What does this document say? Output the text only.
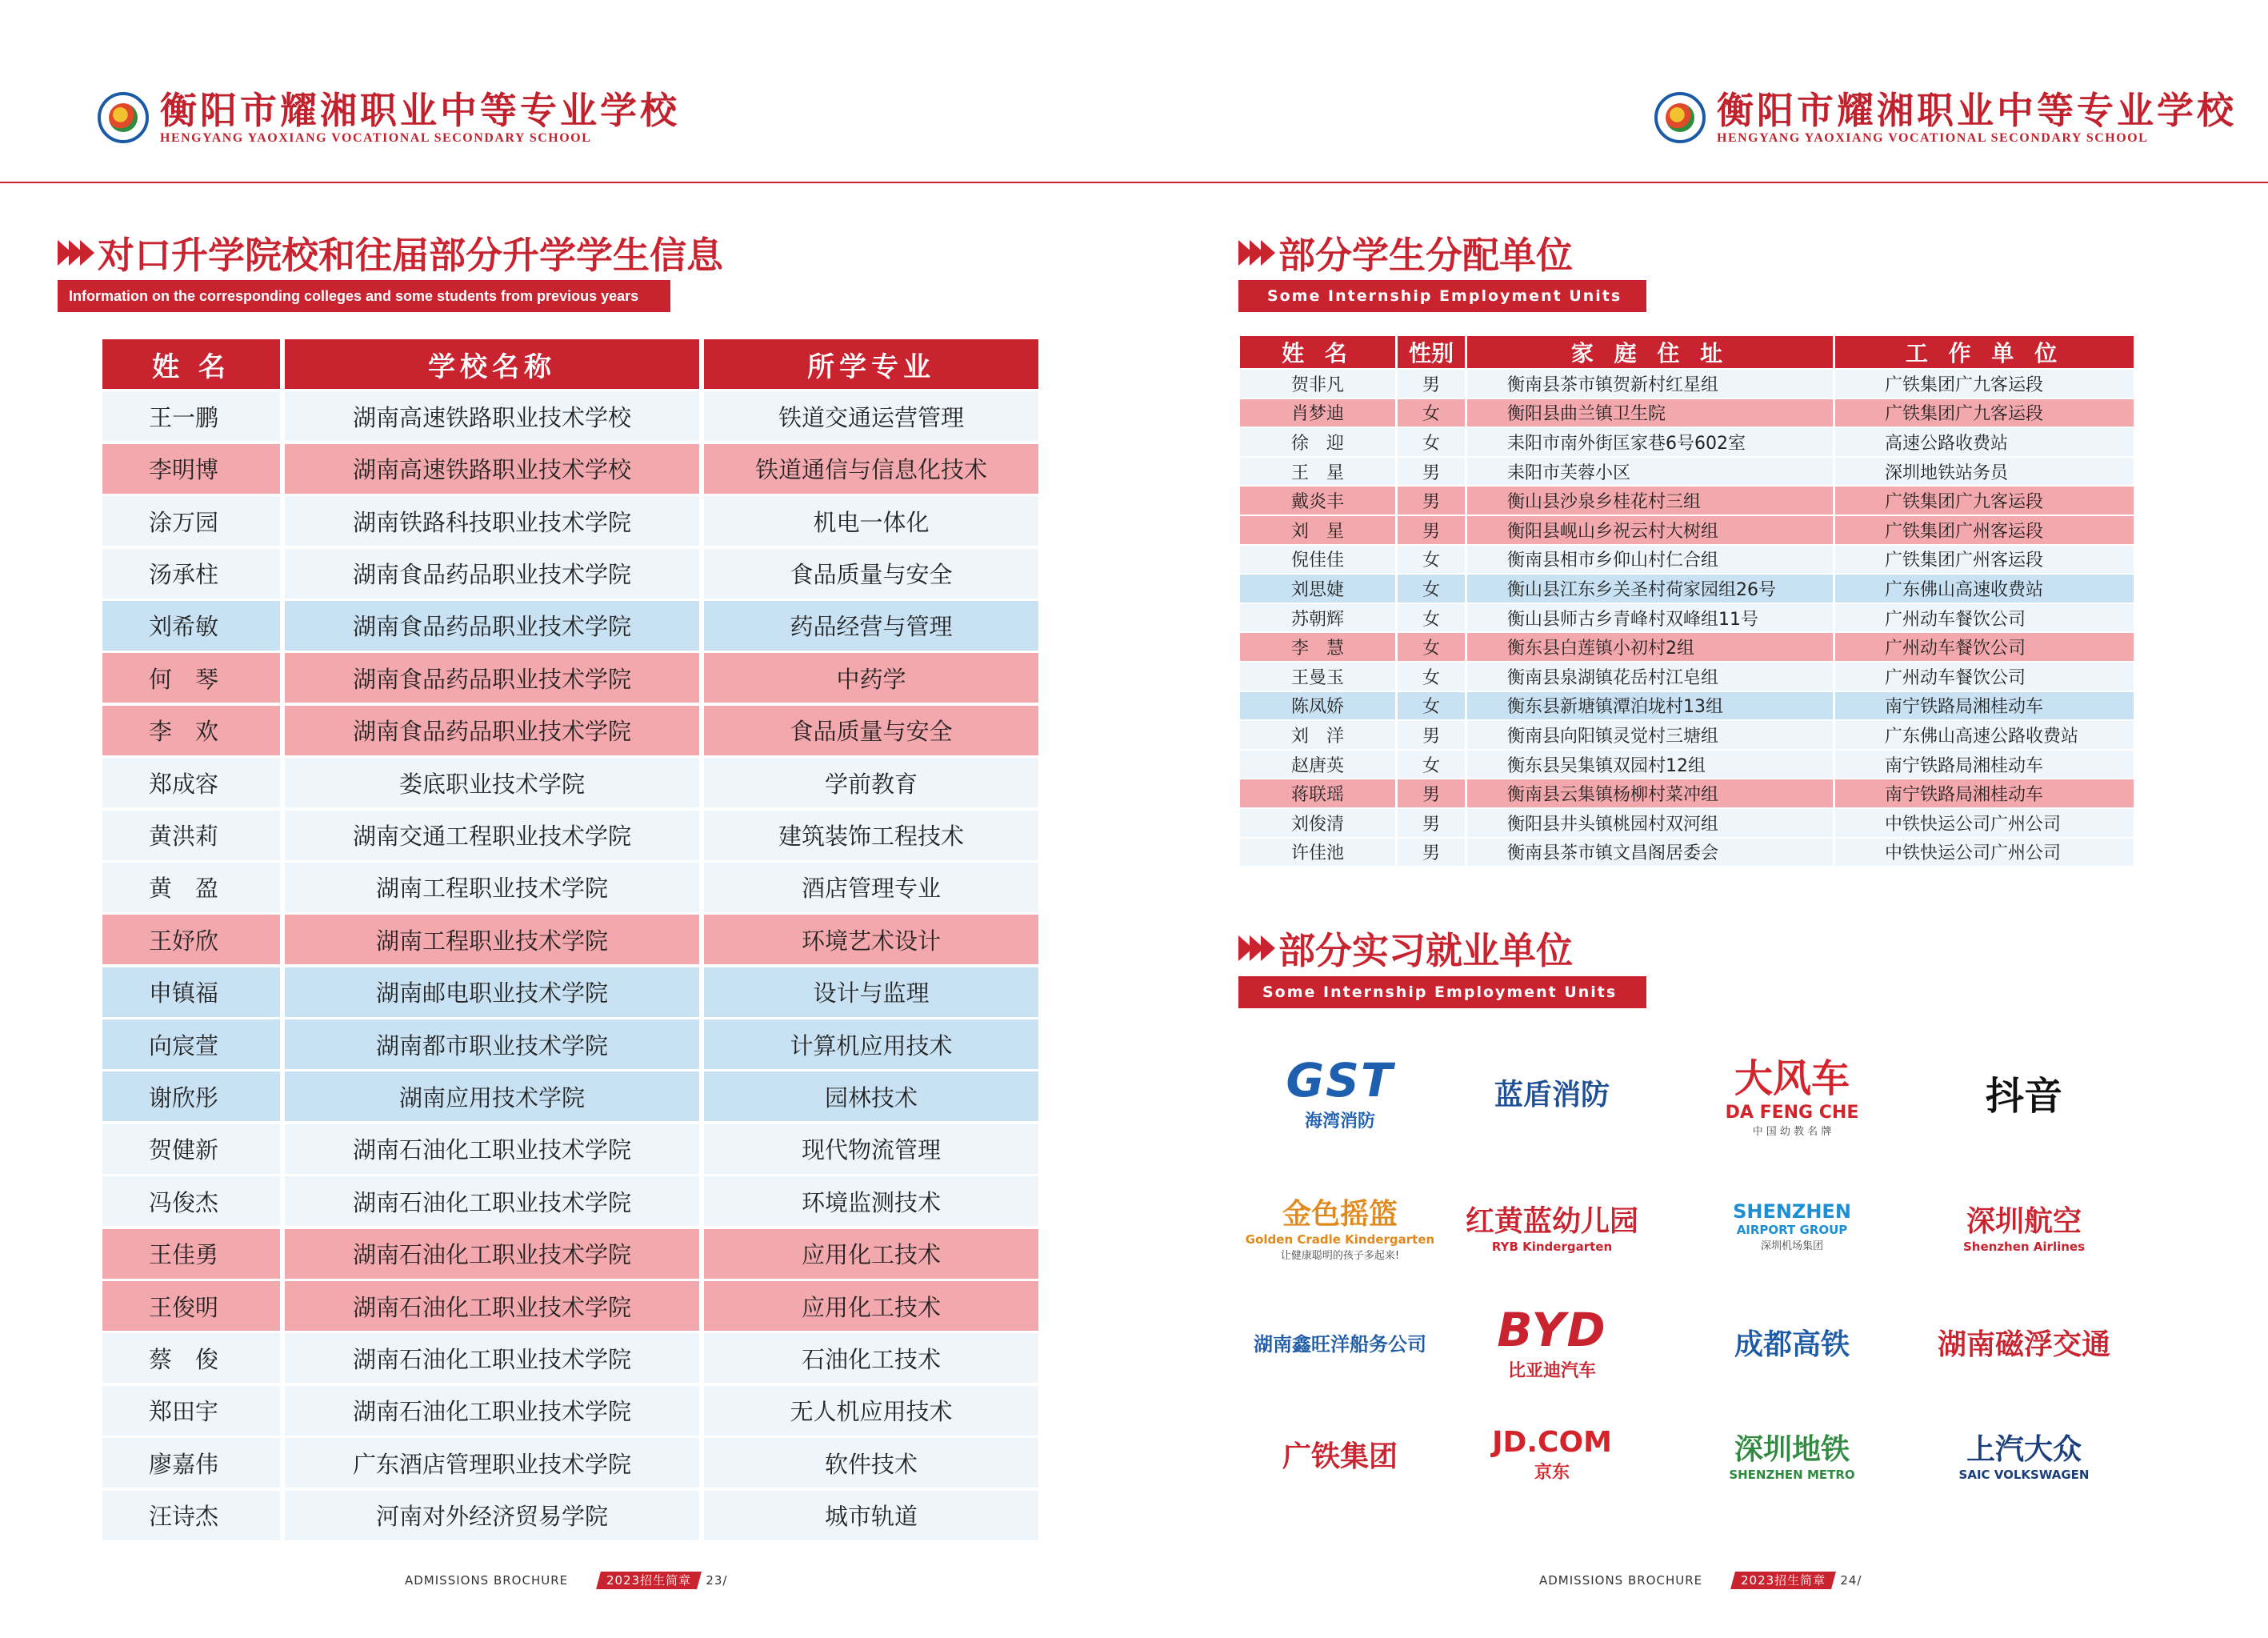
衡阳市耀湘职业中等专业学校
HENGYANG YAOXIANG VOCATIONAL SECONDARY SCHOOL
衡阳市耀湘职业中等专业学校
HENGYANG YAOXIANG VOCATIONAL SECONDARY SCHOOL
对口升学院校和往届部分升学学生信息
Information on the corresponding colleges and some students from previous years
姓 名	学校名称	所学专业
王一鹏	湖南高速铁路职业技术学校	铁道交通运营管理
李明博	湖南高速铁路职业技术学校	铁道通信与信息化技术
涂万园	湖南铁路科技职业技术学院	机电一体化
汤承柱	湖南食品药品职业技术学院	食品质量与安全
刘希敏	湖南食品药品职业技术学院	药品经营与管理
何　琴	湖南食品药品职业技术学院	中药学
李　欢	湖南食品药品职业技术学院	食品质量与安全
郑成容	娄底职业技术学院	学前教育
黄洪莉	湖南交通工程职业技术学院	建筑装饰工程技术
黄　盈	湖南工程职业技术学院	酒店管理专业
王妤欣	湖南工程职业技术学院	环境艺术设计
申镇福	湖南邮电职业技术学院	设计与监理
向宸萱	湖南都市职业技术学院	计算机应用技术
谢欣彤	湖南应用技术学院	园林技术
贺健新	湖南石油化工职业技术学院	现代物流管理
冯俊杰	湖南石油化工职业技术学院	环境监测技术
王佳勇	湖南石油化工职业技术学院	应用化工技术
王俊明	湖南石油化工职业技术学院	应用化工技术
蔡　俊	湖南石油化工职业技术学院	石油化工技术
郑田宇	湖南石油化工职业技术学院	无人机应用技术
廖嘉伟	广东酒店管理职业技术学院	软件技术
汪诗杰	河南对外经济贸易学院	城市轨道
部分学生分配单位
Some Internship Employment Units
姓 名	性别	家 庭 住 址	工 作 单 位
贺非凡	男	衡南县茶市镇贺新村红星组	广铁集团广九客运段
肖梦迪	女	衡阳县曲兰镇卫生院	广铁集团广九客运段
徐　迎	女	耒阳市南外街匡家巷6号602室	高速公路收费站
王　星	男	耒阳市芙蓉小区	深圳地铁站务员
戴炎丰	男	衡山县沙泉乡桂花村三组	广铁集团广九客运段
刘　星	男	衡阳县岘山乡祝云村大树组	广铁集团广州客运段
倪佳佳	女	衡南县相市乡仰山村仁合组	广铁集团广州客运段
刘思婕	女	衡山县江东乡关圣村荷家园组26号	广东佛山高速收费站
苏朝辉	女	衡山县师古乡青峰村双峰组11号	广州动车餐饮公司
李　慧	女	衡东县白莲镇小初村2组	广州动车餐饮公司
王曼玉	女	衡南县泉湖镇花岳村江皂组	广州动车餐饮公司
陈凤娇	女	衡东县新塘镇潭泊垅村13组	南宁铁路局湘桂动车
刘　洋	男	衡南县向阳镇灵觉村三塘组	广东佛山高速公路收费站
赵唐英	女	衡东县吴集镇双园村12组	南宁铁路局湘桂动车
蒋联瑶	男	衡南县云集镇杨柳村菜冲组	南宁铁路局湘桂动车
刘俊清	男	衡阳县井头镇桃园村双河组	中铁快运公司广州公司
许佳池	男	衡南县茶市镇文昌阁居委会	中铁快运公司广州公司
部分实习就业单位
Some Internship Employment Units
GST
海湾消防
蓝盾消防	大风车
DA FENG CHE
中 国 幼 教 名 牌
抖音
金色摇篮
Golden Cradle Kindergarten
让健康聪明的孩子多起来!
红黄蓝幼儿园
RYB Kindergarten
SHENZHEN
AIRPORT GROUP
深圳机场集团
深圳航空
Shenzhen Airlines
湖南鑫旺洋船务公司 BYD
比亚迪汽车
成都高铁	湖南磁浮交通
广铁集团	JD.COM
京东
深圳地铁
SHENZHEN METRO
上汽大众
SAIC VOLKSWAGEN
ADMISSIONS BROCHURE	2023招生简章	23/	ADMISSIONS BROCHURE	2023招生简章	24/
